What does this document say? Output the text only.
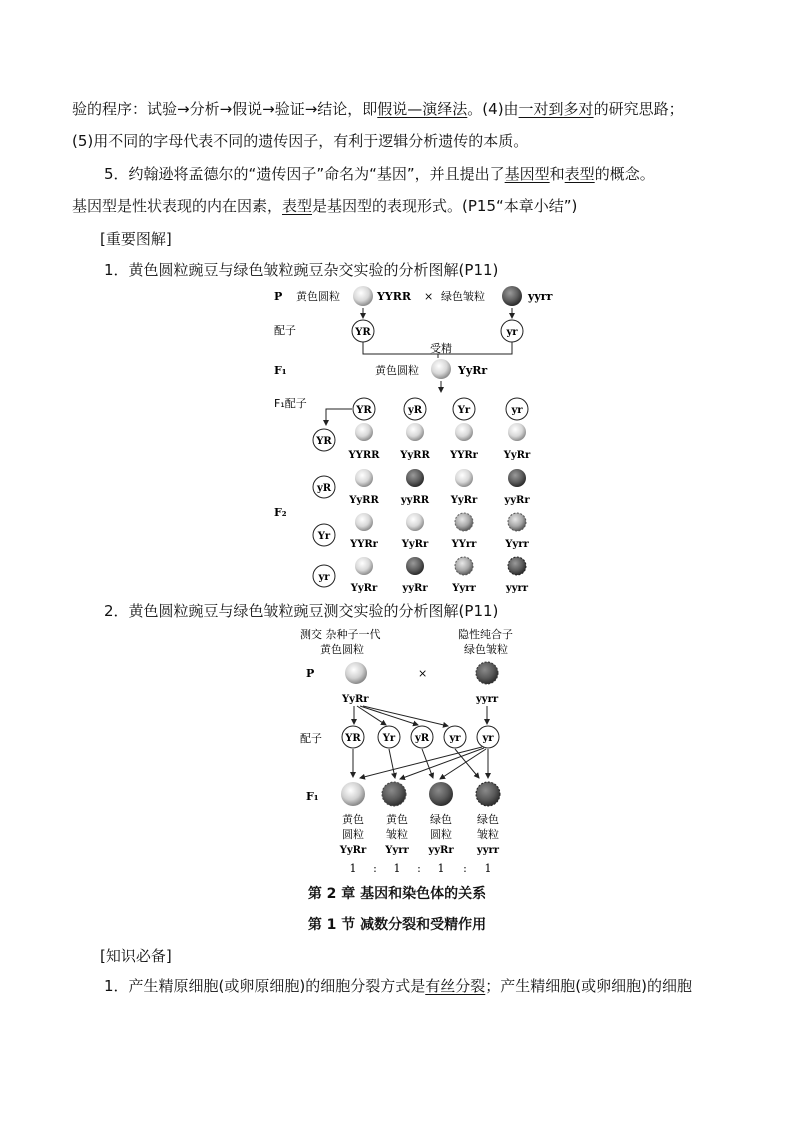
验的程序：试验→分析→假说→验证→结论，即假说—演绎法。(4)由一对到多对的研究思路；
(5)用不同的字母代表不同的遗传因子，有利于逻辑分析遗传的本质。
5．约翰逊将孟德尔的“遗传因子”命名为“基因”，并且提出了基因型和表型的概念。
基因型是性状表现的内在因素，表型是基因型的表现形式。(P15“本章小结”)
[重要图解]
1．黄色圆粒豌豆与绿色皱粒豌豆杂交实验的分析图解(P11)
P 黄色圆粒	YYRR × 绿色皱粒	yyrr
配子	YR	yr
受精
F₁	黄色圆粒	YyRr
F₁配子
YR	yR	Yr	yr
YR
yR
Yr
yr
F₂
YYRR YyRR YYRr	YyRr
YyRR yyRR YyRr	yyRr
YYRr YyRr YYrr	Yyrr
YyRr	yyRr Yyrr	yyrr
2．黄色圆粒豌豆与绿色皱粒豌豆测交实验的分析图解(P11)
测交 杂种子一代
黄色圆粒
隐性纯合子
绿色皱粒
P	×
YyRr	yyrr
配子 YR Yr yR yr yr
F₁
黄色
圆粒
YyRr
黄色
皱粒
Yyrr
绿色
圆粒
yyRr
绿色
皱粒
yyrr
1 : 1 : 1 : 1
第 2 章 基因和染色体的关系
第 1 节 减数分裂和受精作用
[知识必备]
1．产生精原细胞(或卵原细胞)的细胞分裂方式是有丝分裂；产生精细胞(或卵细胞)的细胞
